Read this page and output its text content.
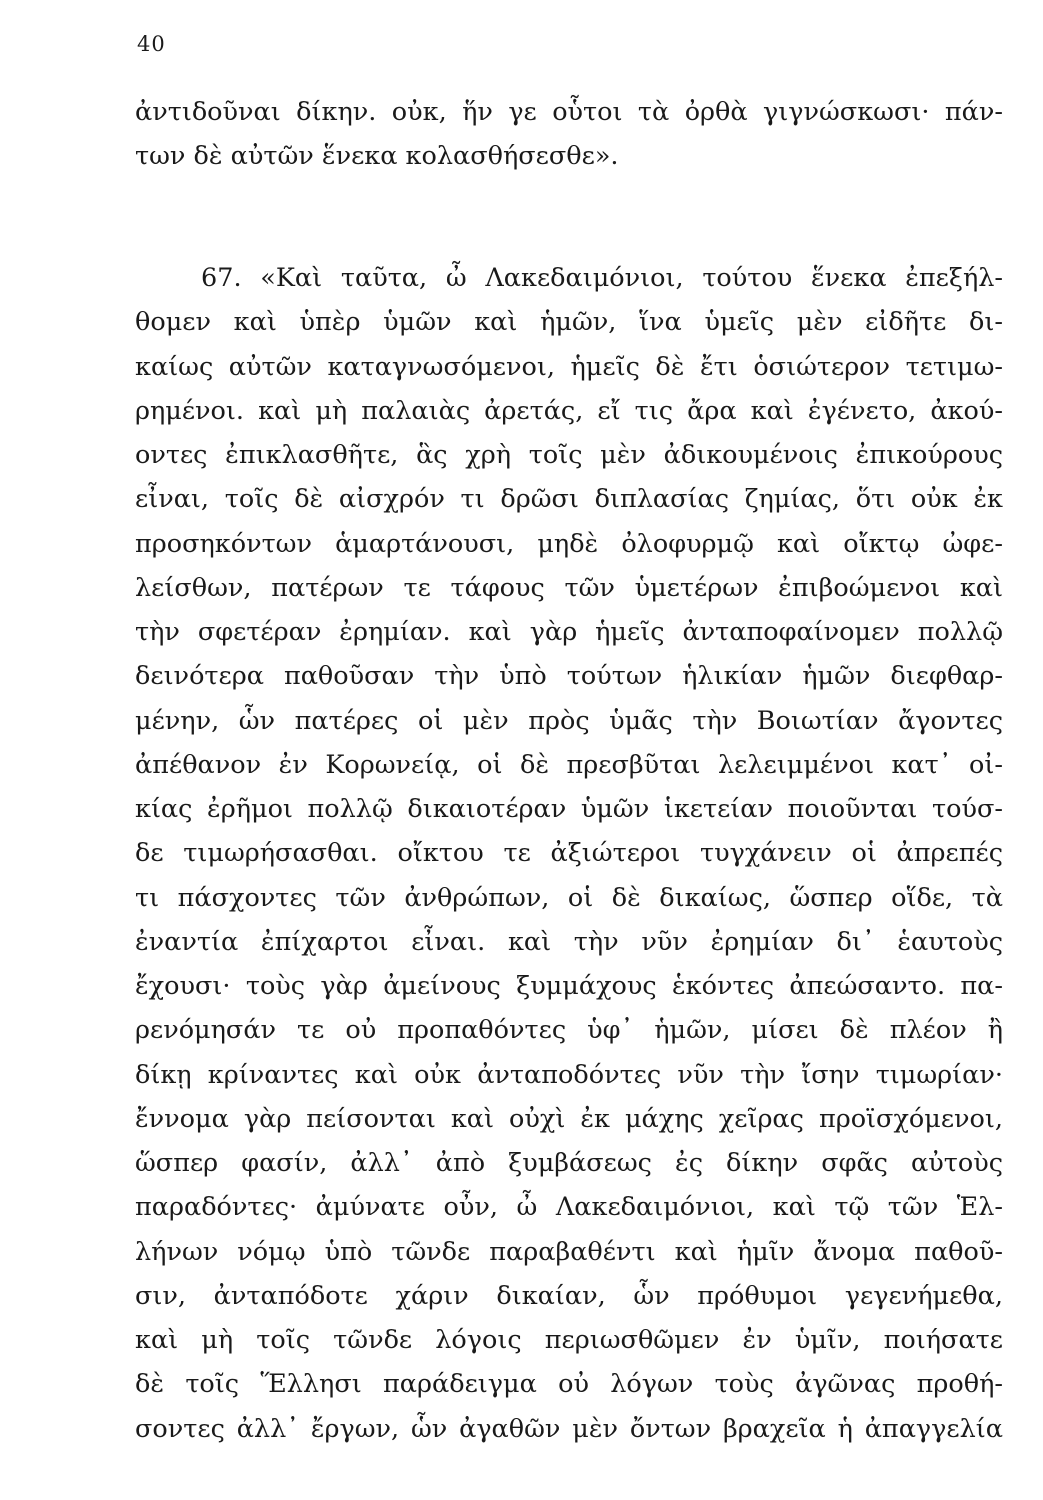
40
ἀντιδοῦναι δίκην. οὐκ, ἥν γε οὗτοι τὰ ὀρθὰ γιγνώσκωσι· πάν-
των δὲ αὐτῶν ἕνεκα κολασθήσεσθε».
67. «Καὶ ταῦτα, ὦ Λακεδαιμόνιοι, τούτου ἕνεκα ἐπεξήλ-
θομεν καὶ ὑπὲρ ὑμῶν καὶ ἡμῶν, ἵνα ὑμεῖς μὲν εἰδῆτε δι-
καίως αὐτῶν καταγνωσόμενοι, ἡμεῖς δὲ ἔτι ὁσιώτερον τετιμω-
ρημένοι. καὶ μὴ παλαιὰς ἀρετάς, εἴ τις ἄρα καὶ ἐγένετο, ἀκού-
οντες ἐπικλασθῆτε, ἃς χρὴ τοῖς μὲν ἀδικουμένοις ἐπικούρους
εἶναι, τοῖς δὲ αἰσχρόν τι δρῶσι διπλασίας ζημίας, ὅτι οὐκ ἐκ
προσηκόντων ἁμαρτάνουσι, μηδὲ ὀλοφυρμῷ καὶ οἴκτῳ ὠφε-
λείσθων, πατέρων τε τάφους τῶν ὑμετέρων ἐπιβοώμενοι καὶ
τὴν σφετέραν ἐρημίαν. καὶ γὰρ ἡμεῖς ἀνταποφαίνομεν πολλῷ
δεινότερα παθοῦσαν τὴν ὑπὸ τούτων ἡλικίαν ἡμῶν διεφθαρ-
μένην, ὧν πατέρες οἱ μὲν πρὸς ὑμᾶς τὴν Βοιωτίαν ἄγοντες
ἀπέθανον ἐν Κορωνείᾳ, οἱ δὲ πρεσβῦται λελειμμένοι κατ᾽ οἰ-
κίας ἐρῆμοι πολλῷ δικαιοτέραν ὑμῶν ἱκετείαν ποιοῦνται τούσ-
δε τιμωρήσασθαι. οἴκτου τε ἀξιώτεροι τυγχάνειν οἱ ἀπρεπές
τι πάσχοντες τῶν ἀνθρώπων, οἱ δὲ δικαίως, ὥσπερ οἵδε, τὰ
ἐναντία ἐπίχαρτοι εἶναι. καὶ τὴν νῦν ἐρημίαν δι᾽ ἑαυτοὺς
ἔχουσι· τοὺς γὰρ ἀμείνους ξυμμάχους ἑκόντες ἀπεώσαντο. πα-
ρενόμησάν τε οὐ προπαθόντες ὑφ᾽ ἡμῶν, μίσει δὲ πλέον ἢ
δίκῃ κρίναντες καὶ οὐκ ἀνταποδόντες νῦν τὴν ἴσην τιμωρίαν·
ἔννομα γὰρ πείσονται καὶ οὐχὶ ἐκ μάχης χεῖρας προϊσχόμενοι,
ὥσπερ φασίν, ἀλλ᾽ ἀπὸ ξυμβάσεως ἐς δίκην σφᾶς αὐτοὺς
παραδόντες· ἀμύνατε οὖν, ὦ Λακεδαιμόνιοι, καὶ τῷ τῶν Ἑλ-
λήνων νόμῳ ὑπὸ τῶνδε παραβαθέντι καὶ ἡμῖν ἄνομα παθοῦ-
σιν, ἀνταπόδοτε χάριν δικαίαν, ὧν πρόθυμοι γεγενήμεθα,
καὶ μὴ τοῖς τῶνδε λόγοις περιωσθῶμεν ἐν ὑμῖν, ποιήσατε
δὲ τοῖς Ἕλλησι παράδειγμα οὐ λόγων τοὺς ἀγῶνας προθή-
σοντες ἀλλ᾽ ἔργων, ὧν ἀγαθῶν μὲν ὄντων βραχεῖα ἡ ἀπαγγελία
